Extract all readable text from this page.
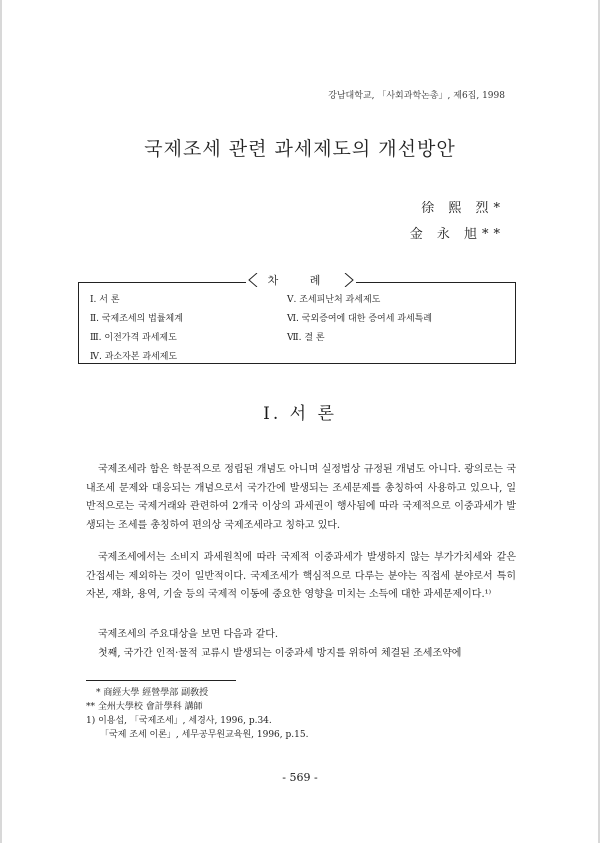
강남대학교, 「사회과학논총」, 제6집, 1998
국제조세 관련 과세제도의 개선방안
徐 熙 烈*
金 永 旭**
차 례
Ⅰ. 서 론
Ⅱ. 국제조세의 법률체계
Ⅲ. 이전가격 과세제도
Ⅳ. 과소자본 과세제도
Ⅴ. 조세피난처 과세제도
Ⅵ. 국외증여에 대한 증여세 과세특례
Ⅶ. 결 론
Ⅰ. 서 론
국제조세라 함은 학문적으로 정립된 개념도 아니며 실정법상 규정된 개념도 아니다. 광의로는 국내조세 문제와 대응되는 개념으로서 국가간에 발생되는 조세문제를 총칭하여 사용하고 있으나, 일반적으로는 국제거래와 관련하여 2개국 이상의 과세권이 행사됨에 따라 국제적으로 이중과세가 발생되는 조세를 총칭하여 편의상 국제조세라고 칭하고 있다.
국제조세에서는 소비지 과세원칙에 따라 국제적 이중과세가 발생하지 않는 부가가치세와 같은 간접세는 제외하는 것이 일반적이다. 국제조세가 핵심적으로 다루는 분야는 직접세 분야로서 특히 자본, 재화, 용역, 기술 등의 국제적 이동에 중요한 영향을 미치는 소득에 대한 과세문제이다.¹⁾
국제조세의 주요대상을 보면 다음과 같다.
첫째, 국가간 인적·물적 교류시 발생되는 이중과세 방지를 위하여 체결된 조세조약에
* 商經大學 經營學部 副敎授
** 全州大學校 會計學科 講師
1) 이용섭, 「국제조세」, 세경사, 1996, p.34.
「국제 조세 이론」, 세무공무원교육원, 1996, p.15.
- 569 -
